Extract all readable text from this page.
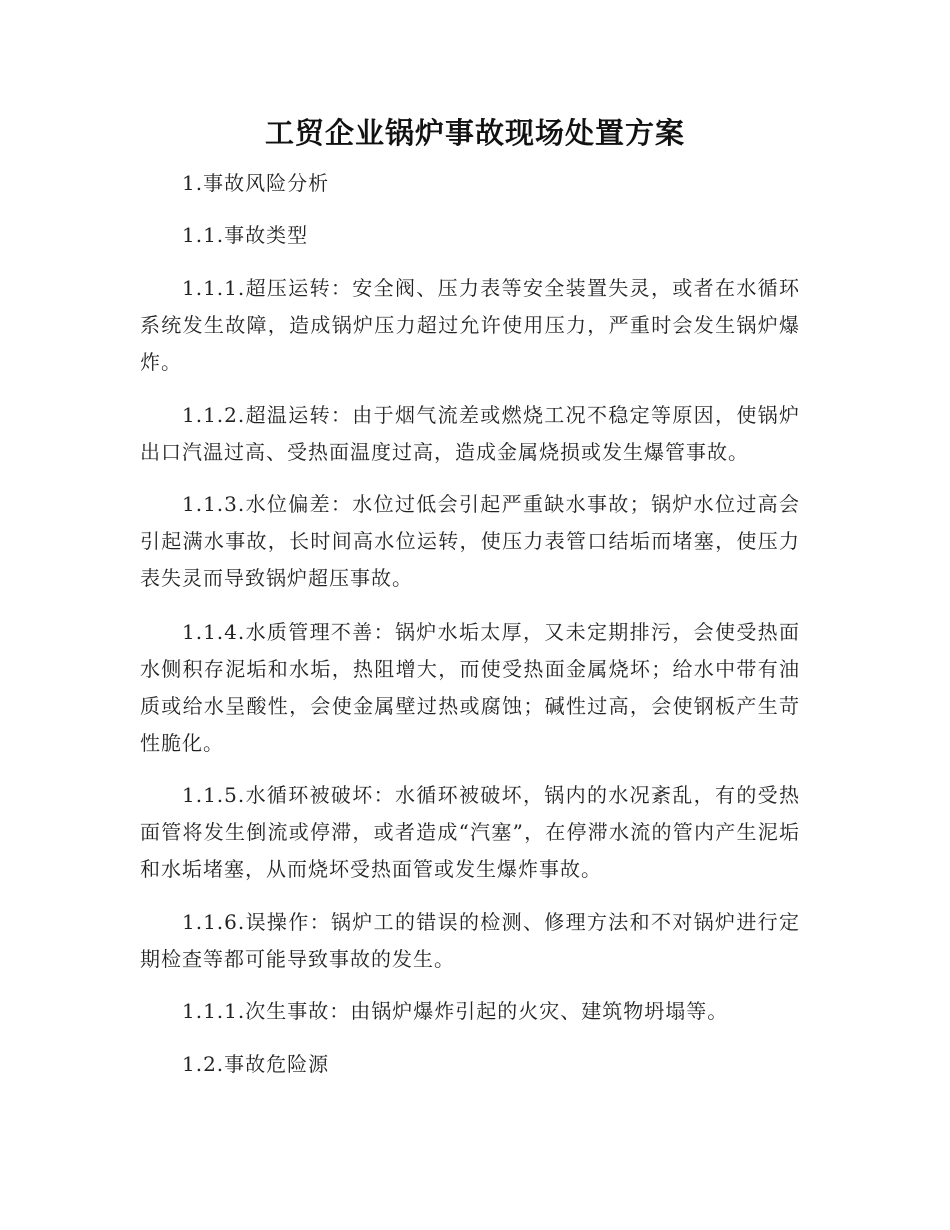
工贸企业锅炉事故现场处置方案

1.事故风险分析

1.1.事故类型

1.1.1.超压运转：安全阀、压力表等安全装置失灵，或者在水循环系统发生故障，造成锅炉压力超过允许使用压力，严重时会发生锅炉爆炸。

1.1.2.超温运转：由于烟气流差或燃烧工况不稳定等原因，使锅炉出口汽温过高、受热面温度过高，造成金属烧损或发生爆管事故。

1.1.3.水位偏差：水位过低会引起严重缺水事故；锅炉水位过高会引起满水事故，长时间高水位运转，使压力表管口结垢而堵塞，使压力表失灵而导致锅炉超压事故。

1.1.4.水质管理不善：锅炉水垢太厚，又未定期排污，会使受热面水侧积存泥垢和水垢，热阻增大，而使受热面金属烧坏；给水中带有油质或给水呈酸性，会使金属壁过热或腐蚀；碱性过高，会使钢板产生苛性脆化。

1.1.5.水循环被破坏：水循环被破坏，锅内的水况紊乱，有的受热面管将发生倒流或停滞，或者造成“汽塞”，在停滞水流的管内产生泥垢和水垢堵塞，从而烧坏受热面管或发生爆炸事故。

1.1.6.误操作：锅炉工的错误的检测、修理方法和不对锅炉进行定期检查等都可能导致事故的发生。

1.1.1.次生事故：由锅炉爆炸引起的火灾、建筑物坍塌等。

1.2.事故危险源
